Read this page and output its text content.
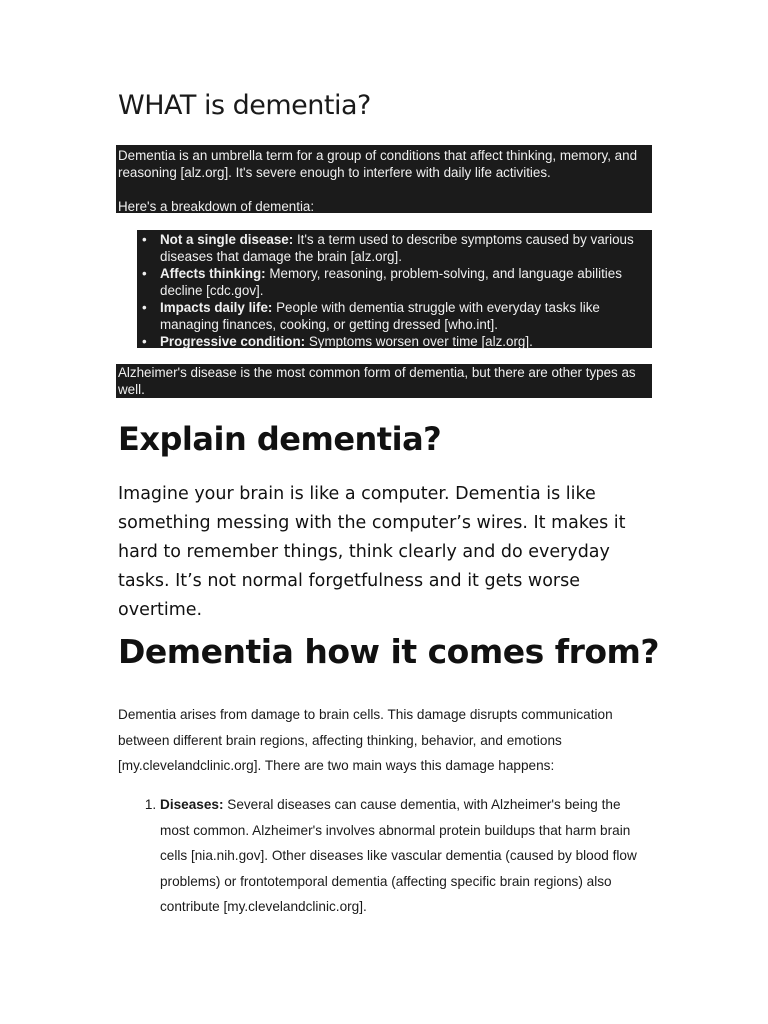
WHAT is dementia?

Dementia is an umbrella term for a group of conditions that affect thinking, memory, and reasoning [alz.org]. It's severe enough to interfere with daily life activities.

Here's a breakdown of dementia:

• Not a single disease: It's a term used to describe symptoms caused by various diseases that damage the brain [alz.org].
• Affects thinking: Memory, reasoning, problem-solving, and language abilities decline [cdc.gov].
• Impacts daily life: People with dementia struggle with everyday tasks like managing finances, cooking, or getting dressed [who.int].
• Progressive condition: Symptoms worsen over time [alz.org].
Alzheimer's disease is the most common form of dementia, but there are other types as well.
Explain dementia?
Imagine your brain is like a computer. Dementia is like something messing with the computer’s wires. It makes it hard to remember things, think clearly and do everyday tasks. It’s not normal forgetfulness and it gets worse overtime.
Dementia how it comes from?
Dementia arises from damage to brain cells. This damage disrupts communication between different brain regions, affecting thinking, behavior, and emotions [my.clevelandclinic.org]. There are two main ways this damage happens:
1. Diseases: Several diseases can cause dementia, with Alzheimer's being the most common. Alzheimer's involves abnormal protein buildups that harm brain cells [nia.nih.gov]. Other diseases like vascular dementia (caused by blood flow problems) or frontotemporal dementia (affecting specific brain regions) also contribute [my.clevelandclinic.org].
